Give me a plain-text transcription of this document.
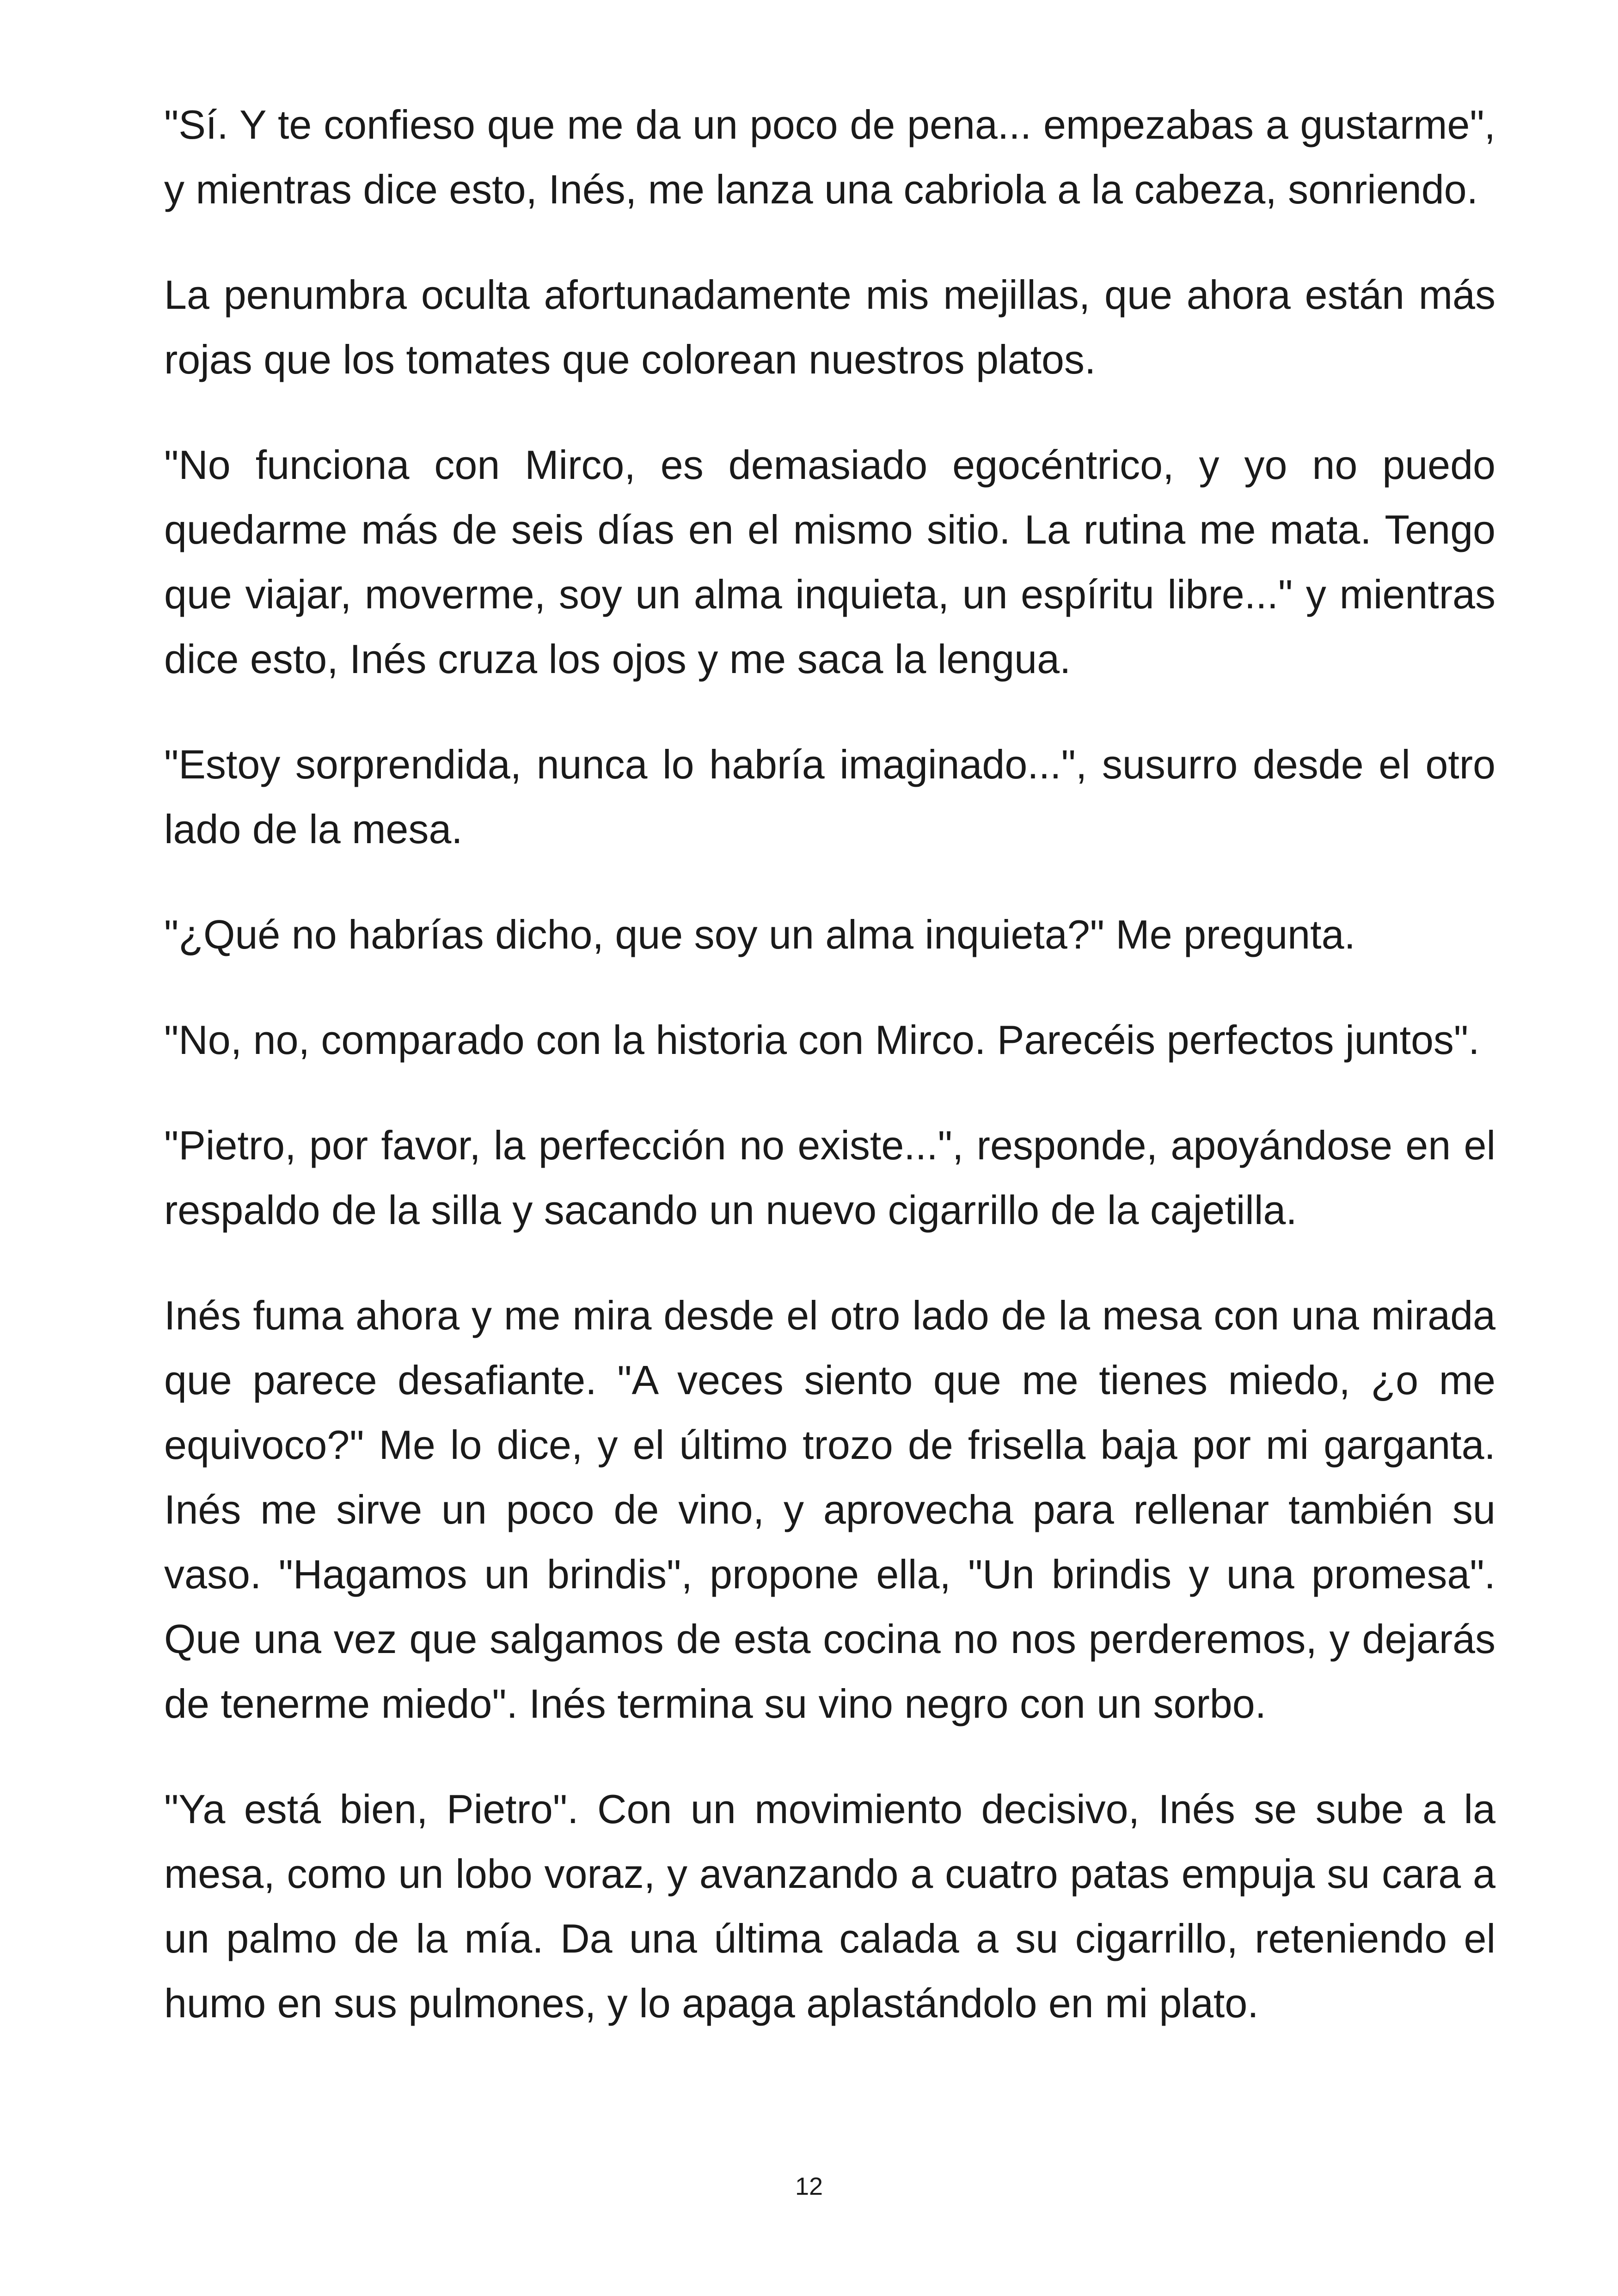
"Sí. Y te confieso que me da un poco de pena... empezabas a gustarme", y mientras dice esto, Inés, me lanza una cabriola a la cabeza, sonriendo.

La penumbra oculta afortunadamente mis mejillas, que ahora están más rojas que los tomates que colorean nuestros platos.

"No funciona con Mirco, es demasiado egocéntrico, y yo no puedo quedarme más de seis días en el mismo sitio. La rutina me mata. Tengo que viajar, moverme, soy un alma inquieta, un espíritu libre..." y mientras dice esto, Inés cruza los ojos y me saca la lengua.

"Estoy sorprendida, nunca lo habría imaginado...", susurro desde el otro lado de la mesa.

"¿Qué no habrías dicho, que soy un alma inquieta?" Me pregunta.

"No, no, comparado con la historia con Mirco. Parecéis perfectos juntos".

"Pietro, por favor, la perfección no existe...", responde, apoyándose en el respaldo de la silla y sacando un nuevo cigarrillo de la cajetilla.

Inés fuma ahora y me mira desde el otro lado de la mesa con una mirada que parece desafiante. "A veces siento que me tienes miedo, ¿o me equivoco?" Me lo dice, y el último trozo de frisella baja por mi garganta. Inés me sirve un poco de vino, y aprovecha para rellenar también su vaso. "Hagamos un brindis", propone ella, "Un brindis y una promesa". Que una vez que salgamos de esta cocina no nos perderemos, y dejarás de tenerme miedo". Inés termina su vino negro con un sorbo.

"Ya está bien, Pietro". Con un movimiento decisivo, Inés se sube a la mesa, como un lobo voraz, y avanzando a cuatro patas empuja su cara a un palmo de la mía. Da una última calada a su cigarrillo, reteniendo el humo en sus pulmones, y lo apaga aplastándolo en mi plato.

12
